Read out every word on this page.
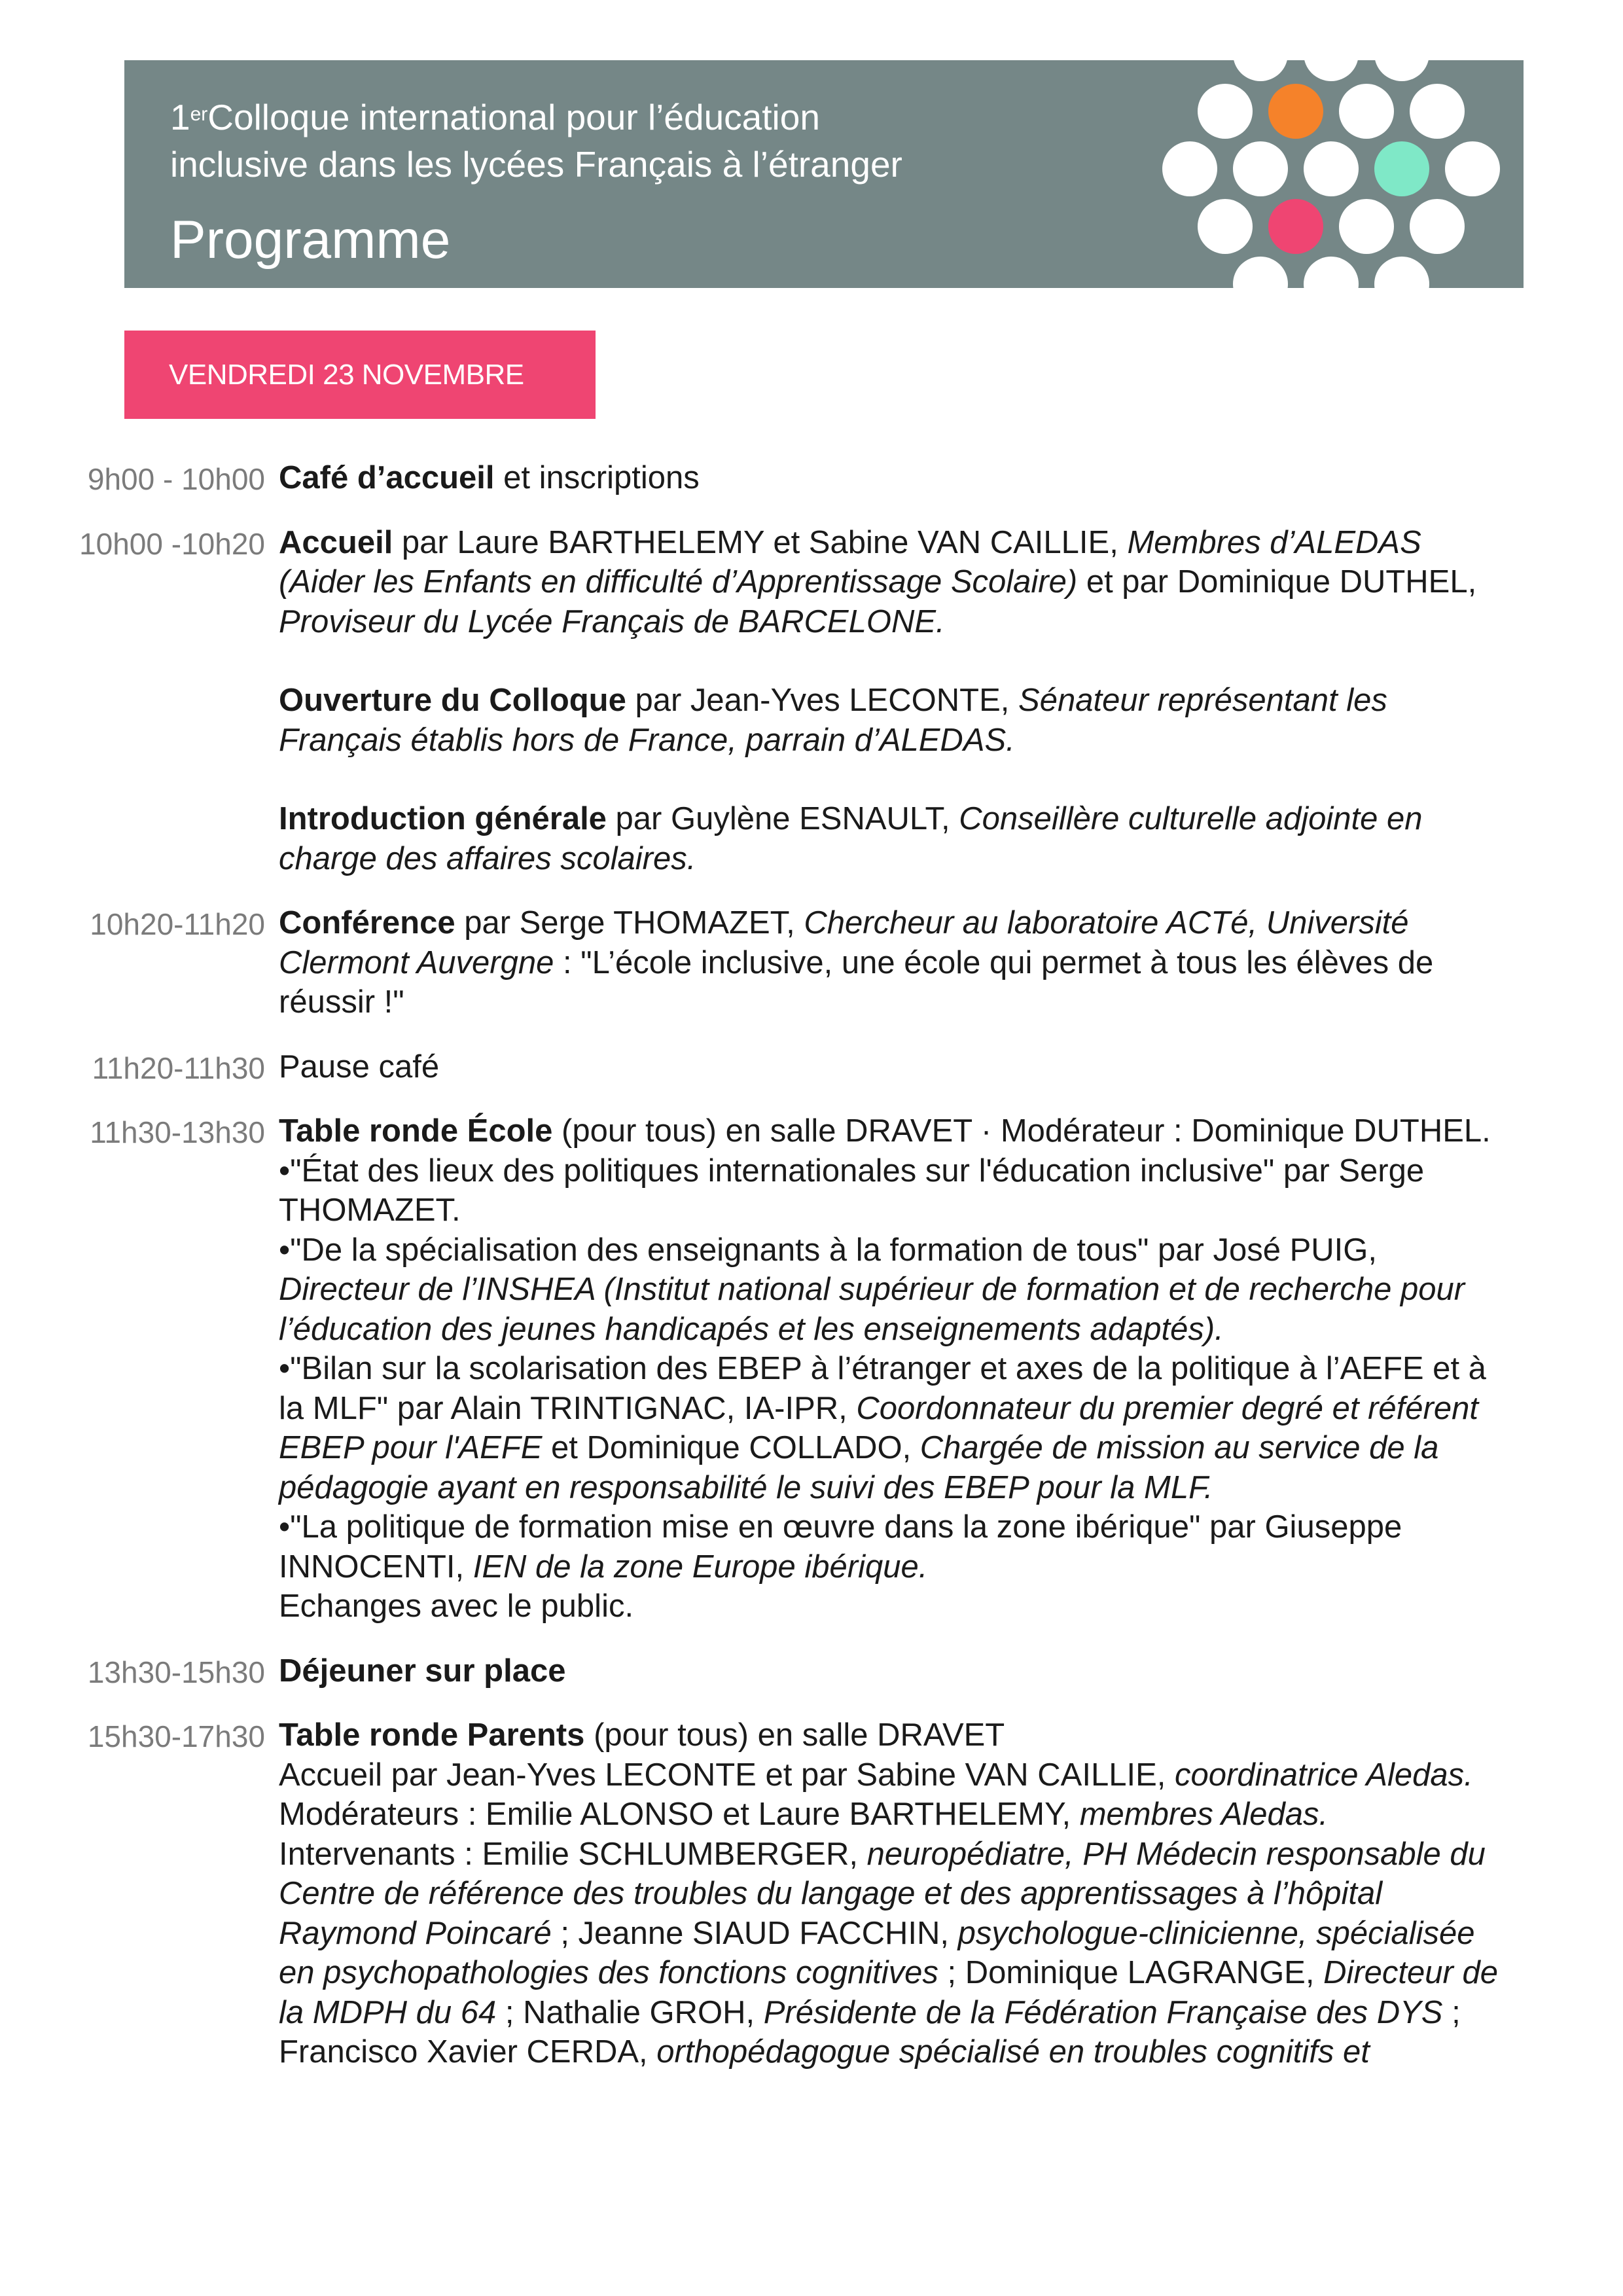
1erColloque international pour l’éducation
inclusive dans les lycées Français à l’étranger
Programme
VENDREDI 23 NOVEMBRE
9h00 - 10h00 Café d’accueil et inscriptions

10h00 -10h20 Accueil par Laure BARTHELEMY et Sabine VAN CAILLIE, Membres d’ALEDAS (Aider les Enfants en difficulté d’Apprentissage Scolaire) et par Dominique DUTHEL, Proviseur du Lycée Français de BARCELONE.

Ouverture du Colloque par Jean-Yves LECONTE, Sénateur représentant les Français établis hors de France, parrain d’ALEDAS.

Introduction générale par Guylène ESNAULT, Conseillère culturelle adjointe en charge des affaires scolaires.

10h20-11h20 Conférence par Serge THOMAZET, Chercheur au laboratoire ACTé, Université Clermont Auvergne : "L’école inclusive, une école qui permet à tous les élèves de réussir !"

11h20-11h30 Pause café

11h30-13h30 Table ronde École (pour tous) en salle DRAVET · Modérateur : Dominique DUTHEL.
•"État des lieux des politiques internationales sur l'éducation inclusive" par Serge THOMAZET.
•"De la spécialisation des enseignants à la formation de tous" par José PUIG, Directeur de l’INSHEA (Institut national supérieur de formation et de recherche pour l’éducation des jeunes handicapés et les enseignements adaptés).
•"Bilan sur la scolarisation des EBEP à l’étranger et axes de la politique à l’AEFE et à la MLF" par Alain TRINTIGNAC, IA-IPR, Coordonnateur du premier degré et référent EBEP pour l'AEFE et Dominique COLLADO, Chargée de mission au service de la pédagogie ayant en responsabilité le suivi des EBEP pour la MLF.
•"La politique de formation mise en œuvre dans la zone ibérique" par Giuseppe INNOCENTI, IEN de la zone Europe ibérique.
Echanges avec le public.
13h30-15h30 Déjeuner sur place

15h30-17h30 Table ronde Parents (pour tous) en salle DRAVET
Accueil par Jean-Yves LECONTE et par Sabine VAN CAILLIE, coordinatrice Aledas.
Modérateurs : Emilie ALONSO et Laure BARTHELEMY, membres Aledas.
Intervenants : Emilie SCHLUMBERGER, neuropédiatre, PH Médecin responsable du Centre de référence des troubles du langage et des apprentissages à l’hôpital Raymond Poincaré ; Jeanne SIAUD FACCHIN, psychologue-clinicienne, spécialisée en psychopathologies des fonctions cognitives ; Dominique LAGRANGE, Directeur de la MDPH du 64 ; Nathalie GROH, Présidente de la Fédération Française des DYS ; Francisco Xavier CERDA, orthopédagogue spécialisé en troubles cognitifs et
